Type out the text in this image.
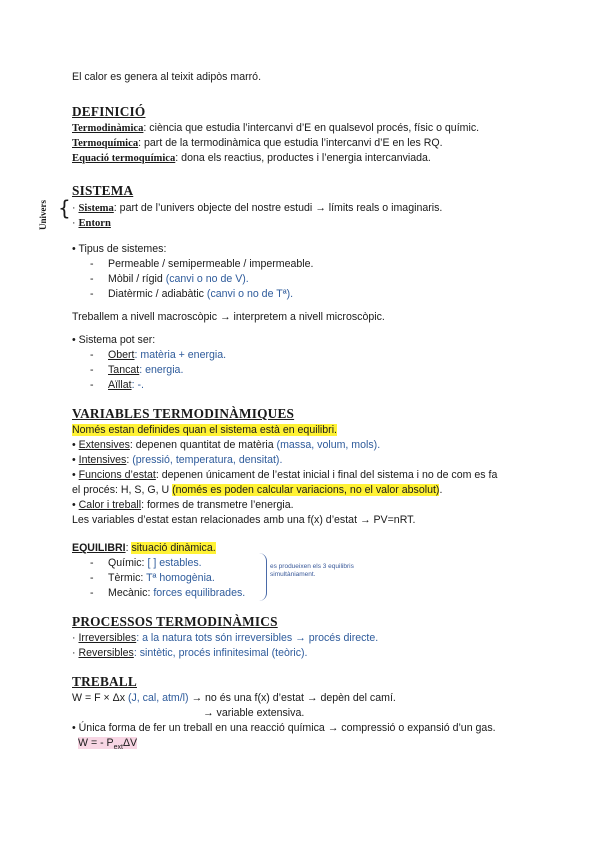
Univers {
El calor es genera al teixit adipòs marró.
DEFINICIÓ
Termodinàmica: ciència que estudia l’intercanvi d’E en qualsevol procés, físic o químic.
Termoquímica: part de la termodinàmica que estudia l’intercanvi d’E en les RQ.
Equació termoquímica: dona els reactius, productes i l’energia intercanviada.
SISTEMA
· Sistema: part de l’univers objecte del nostre estudi → límits reals o imaginaris.
· Entorn
• Tipus de sistemes:
- Permeable / semipermeable / impermeable.
- Mòbil / rígid (canvi o no de V).
- Diatèrmic / adiabàtic (canvi o no de Tª).
Treballem a nivell macroscòpic → interpretem a nivell microscòpic.
• Sistema pot ser:
- Obert: matèria + energia.
- Tancat: energia.
- Aïllat: -.
VARIABLES TERMODINÀMIQUES
Només estan definides quan el sistema està en equilibri.
• Extensives: depenen quantitat de matèria (massa, volum, mols).
• Intensives: (pressió, temperatura, densitat).
• Funcions d’estat: depenen únicament de l’estat inicial i final del sistema i no de com es fa
el procés: H, S, G, U (només es poden calcular variacions, no el valor absolut).
• Calor i treball: formes de transmetre l’energia.
Les variables d’estat estan relacionades amb una f(x) d’estat → PV=nRT.
EQUILIBRI: situació dinàmica.
- Químic: [ ] estables.
- Tèrmic: Tª homogènia.
- Mecànic: forces equilibrades.
es produeixen els 3 equilibris
simultàniament.
PROCESSOS TERMODINÀMICS
· Irreversibles: a la natura tots són irreversibles → procés directe.
· Reversibles: sintètic, procés infinitesimal (teòric).
TREBALL
W = F × Δx (J, cal, atm/l) → no és una f(x) d’estat → depèn del camí.
→ variable extensiva.
• Única forma de fer un treball en una reacció química → compressió o expansió d’un gas.
W = - $P_{ext}\Delta V$
